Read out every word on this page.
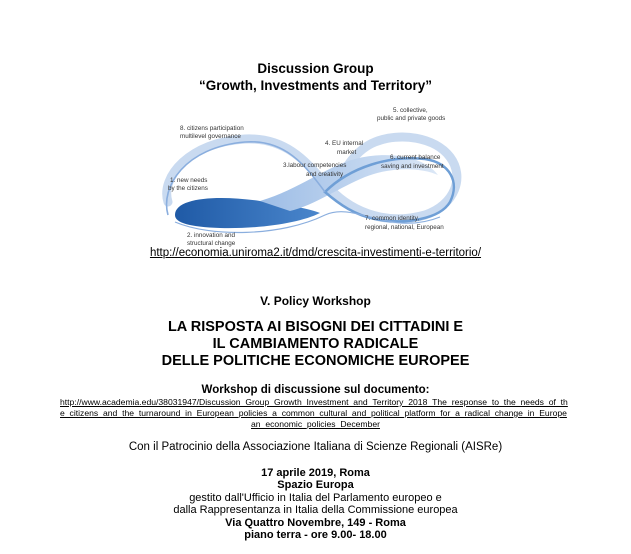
Discussion Group
“Growth, Investments and Territory”
8. citizens participation
multilevel governance
5. collective,
public and private goods
4. EU internal
market
3.labour competencies
and creativity
6. current balance
saving and investment
1. new needs
by the citizens
2. innovation and
structural change
7. common identity,
regional, national, European
http://economia.uniroma2.it/dmd/crescita-investimenti-e-territorio/
V. Policy Workshop
LA RISPOSTA AI BISOGNI DEI CITTADINI E
IL CAMBIAMENTO RADICALE
DELLE POLITICHE ECONOMICHE EUROPEE
Workshop di discussione sul documento:
http://www.academia.edu/38031947/Discussion_Group_Growth_Investment_and_Territory_2018_The_response_to_the_needs_of_the_citizens_and_the_turnaround_in_European_policies_a_common_cultural_and_political_platform_for_a_radical_change_in_European_economic_policies_December
Con il Patrocinio della Associazione Italiana di Scienze Regionali (AISRe)
17 aprile 2019, Roma
Spazio Europa
gestito dall'Ufficio in Italia del Parlamento europeo e
dalla Rappresentanza in Italia della Commissione europea
Via Quattro Novembre, 149 - Roma
piano terra - ore 9.00- 18.00
